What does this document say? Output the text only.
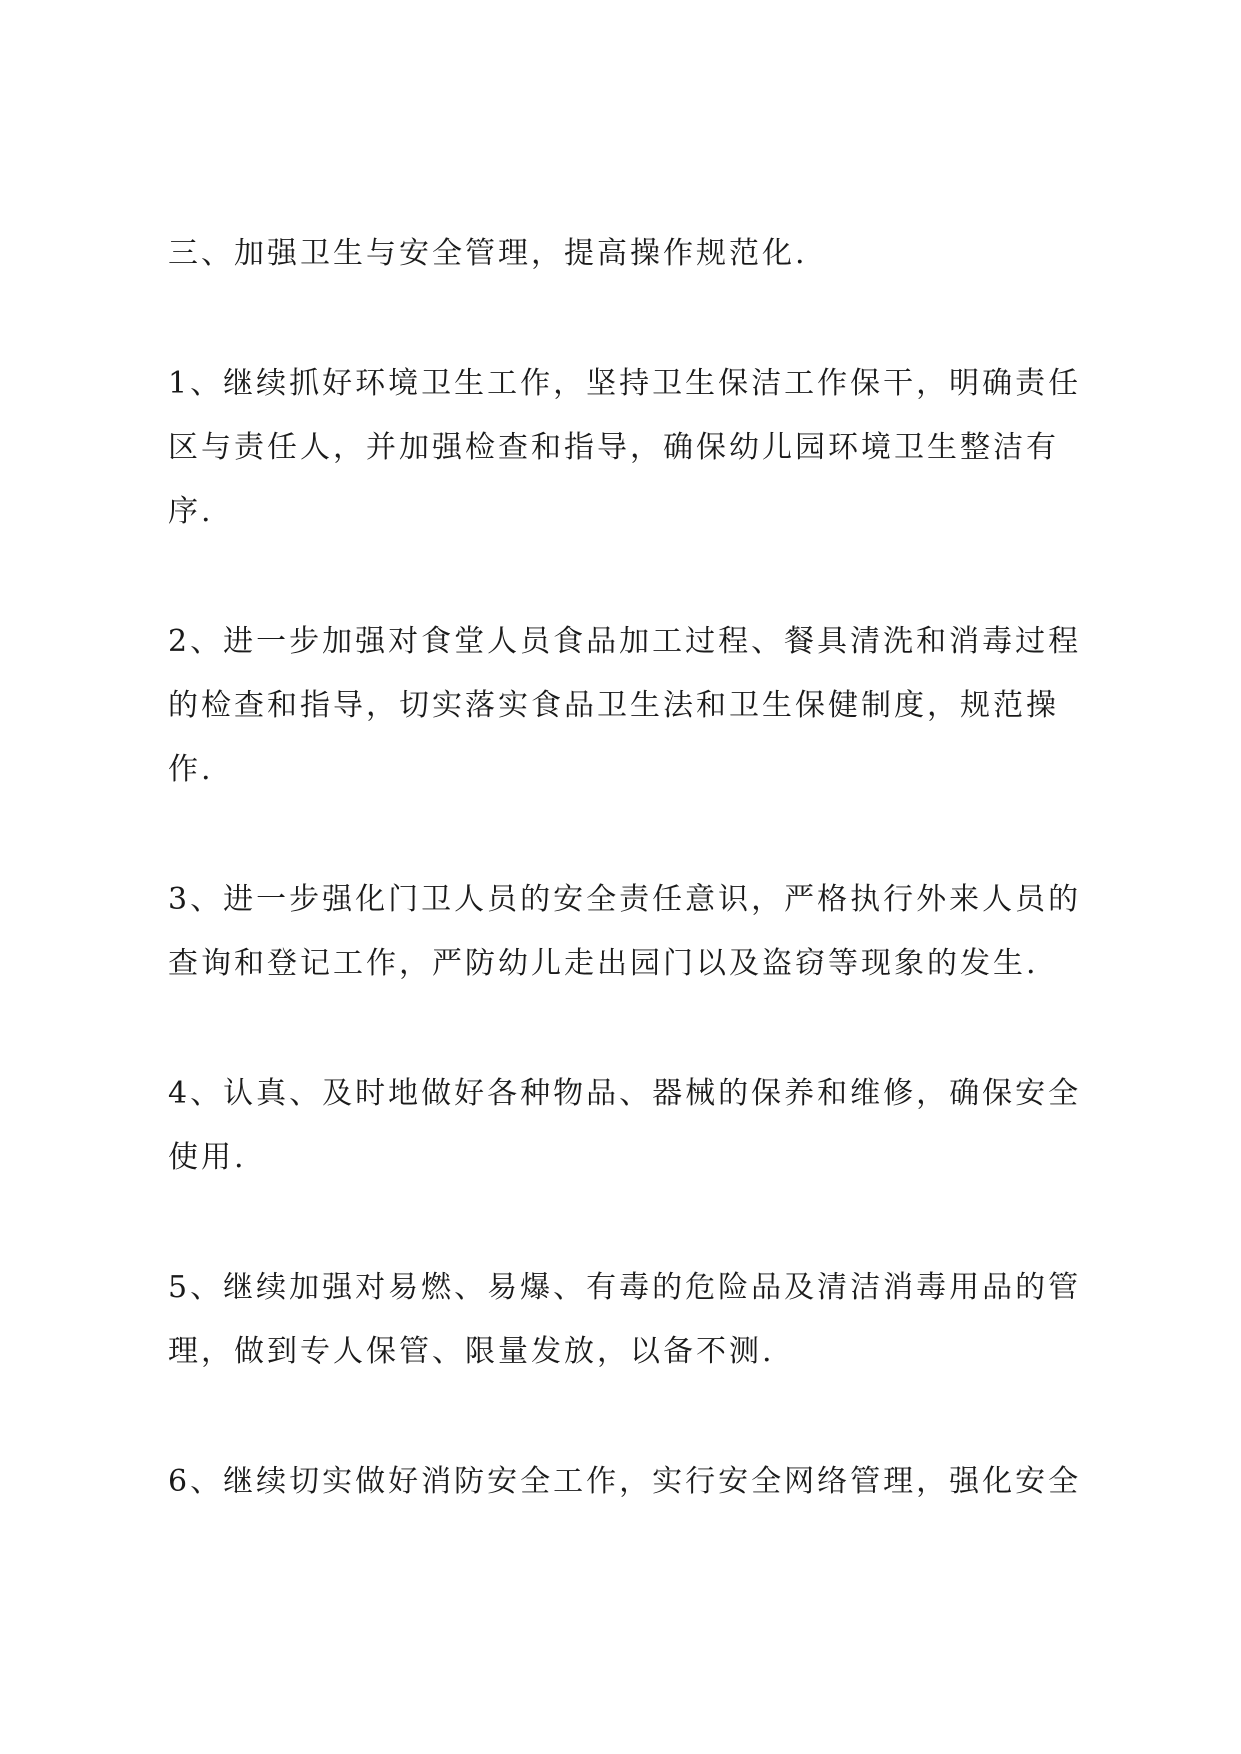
三、加强卫生与安全管理，提高操作规范化.
1、继续抓好环境卫生工作，坚持卫生保洁工作保干，明确责任
区与责任人，并加强检查和指导，确保幼儿园环境卫生整洁有
序.
2、进一步加强对食堂人员食品加工过程、餐具清洗和消毒过程
的检查和指导，切实落实食品卫生法和卫生保健制度，规范操
作.
3、进一步强化门卫人员的安全责任意识，严格执行外来人员的
查询和登记工作，严防幼儿走出园门以及盗窃等现象的发生.
4、认真、及时地做好各种物品、器械的保养和维修，确保安全
使用.
5、继续加强对易燃、易爆、有毒的危险品及清洁消毒用品的管
理，做到专人保管、限量发放，以备不测.
6、继续切实做好消防安全工作，实行安全网络管理，强化安全
